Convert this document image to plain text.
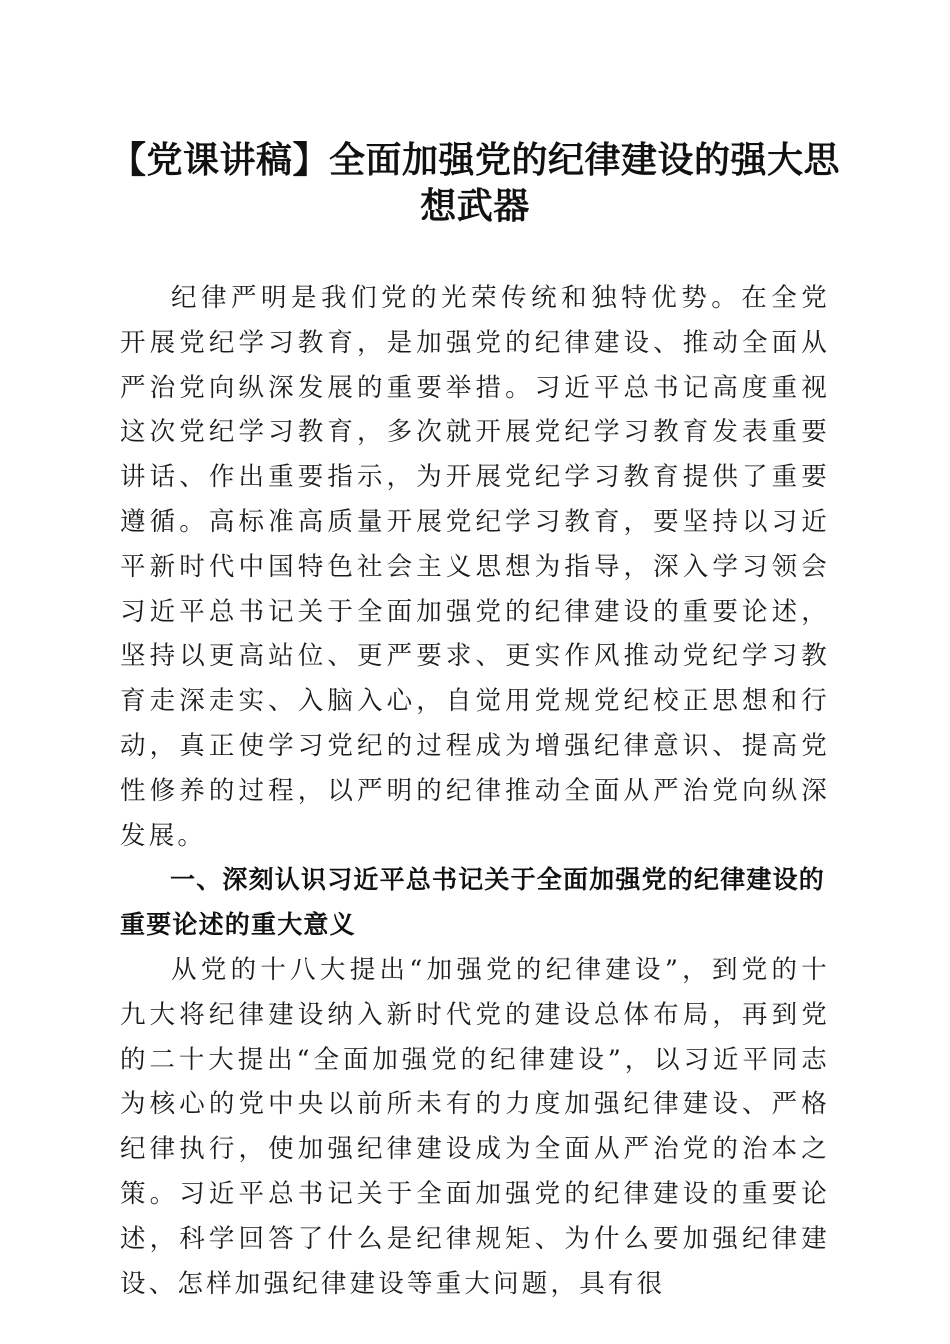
【党课讲稿】全面加强党的纪律建设的强大思想武器

纪律严明是我们党的光荣传统和独特优势。在全党开展党纪学习教育，是加强党的纪律建设、推动全面从严治党向纵深发展的重要举措。习近平总书记高度重视这次党纪学习教育，多次就开展党纪学习教育发表重要讲话、作出重要指示，为开展党纪学习教育提供了重要遵循。高标准高质量开展党纪学习教育，要坚持以习近平新时代中国特色社会主义思想为指导，深入学习领会习近平总书记关于全面加强党的纪律建设的重要论述，坚持以更高站位、更严要求、更实作风推动党纪学习教育走深走实、入脑入心，自觉用党规党纪校正思想和行动，真正使学习党纪的过程成为增强纪律意识、提高党性修养的过程，以严明的纪律推动全面从严治党向纵深发展。

一、深刻认识习近平总书记关于全面加强党的纪律建设的重要论述的重大意义

从党的十八大提出“加强党的纪律建设”，到党的十九大将纪律建设纳入新时代党的建设总体布局，再到党的二十大提出“全面加强党的纪律建设”，以习近平同志为核心的党中央以前所未有的力度加强纪律建设、严格纪律执行，使加强纪律建设成为全面从严治党的治本之策。习近平总书记关于全面加强党的纪律建设的重要论述，科学回答了什么是纪律规矩、为什么要加强纪律建设、怎样加强纪律建设等重大问题，具有很
